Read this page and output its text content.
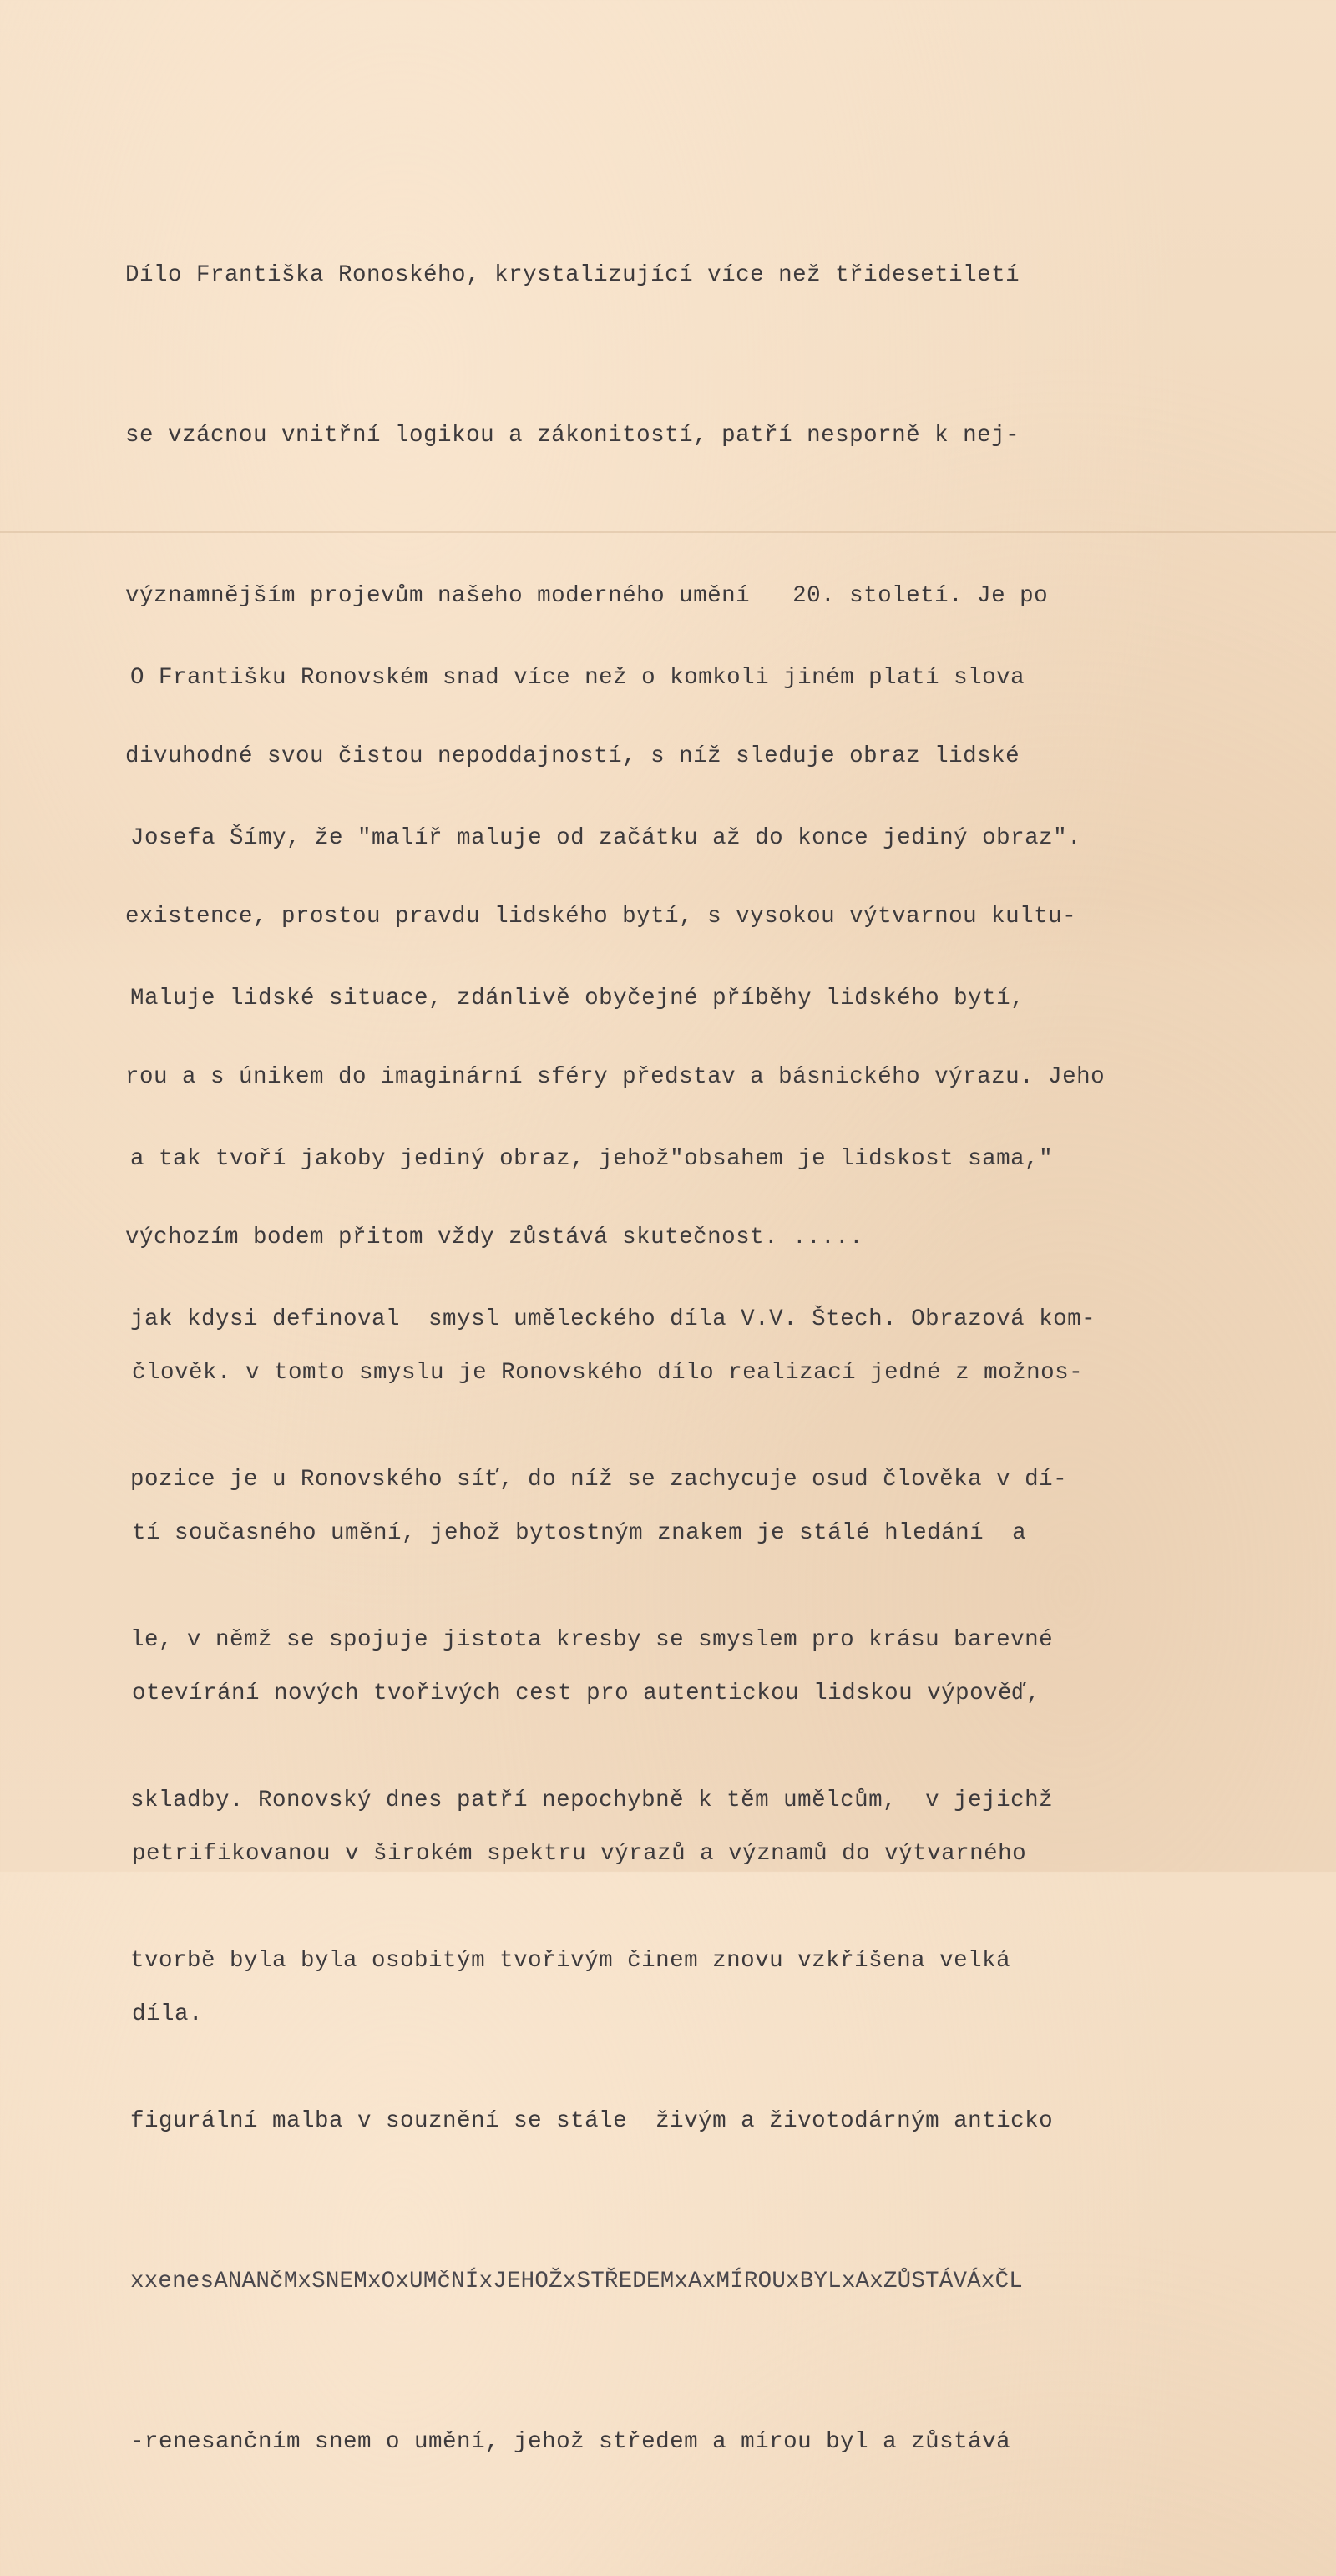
Dílo Františka Ronoského, krystalizující více než třidesetiletí

se vzácnou vnitřní logikou a zákonitostí, patří nesporně k nej-

významnějším projevům našeho moderného umění   20. století. Je po

divuhodné svou čistou nepoddajností, s níž sleduje obraz lidské

existence, prostou pravdu lidského bytí, s vysokou výtvarnou kultu-

rou a s únikem do imaginární sféry představ a básnického výrazu. Jeho

výchozím bodem přitom vždy zůstává skutečnost. .....

O Františku Ronovském snad více než o komkoli jiném platí slova

Josefa Šímy, že "malíř maluje od začátku až do konce jediný obraz".

Maluje lidské situace, zdánlivě obyčejné příběhy lidského bytí,

a tak tvoří jakoby jediný obraz, jehož"obsahem je lidskost sama,"

jak kdysi definoval  smysl uměleckého díla V.V. Štech. Obrazová kom-

pozice je u Ronovského síť, do níž se zachycuje osud člověka v dí-

le, v němž se spojuje jistota kresby se smyslem pro krásu barevné

skladby. Ronovský dnes patří nepochybně k těm umělcům,  v jejichž

tvorbě byla byla osobitým tvořivým činem znovu vzkříšena velká

figurální malba v souznění se stále  živým a životodárným anticko

xxenesANANčMxSNEMxOxUMčNÍxJEHOŽxSTŘEDEMxAxMÍROUxBYLxAxZŮSTÁVÁxČL

-renesančním snem o umění, jehož středem a mírou byl a zůstává

člověk. v tomto smyslu je Ronovského dílo realizací jedné z možnos-

tí současného umění, jehož bytostným znakem je stálé hledání  a

otevírání nových tvořivých cest pro autentickou lidskou výpověď,

petrifikovanou v širokém spektru výrazů a významů do výtvarného

díla.
